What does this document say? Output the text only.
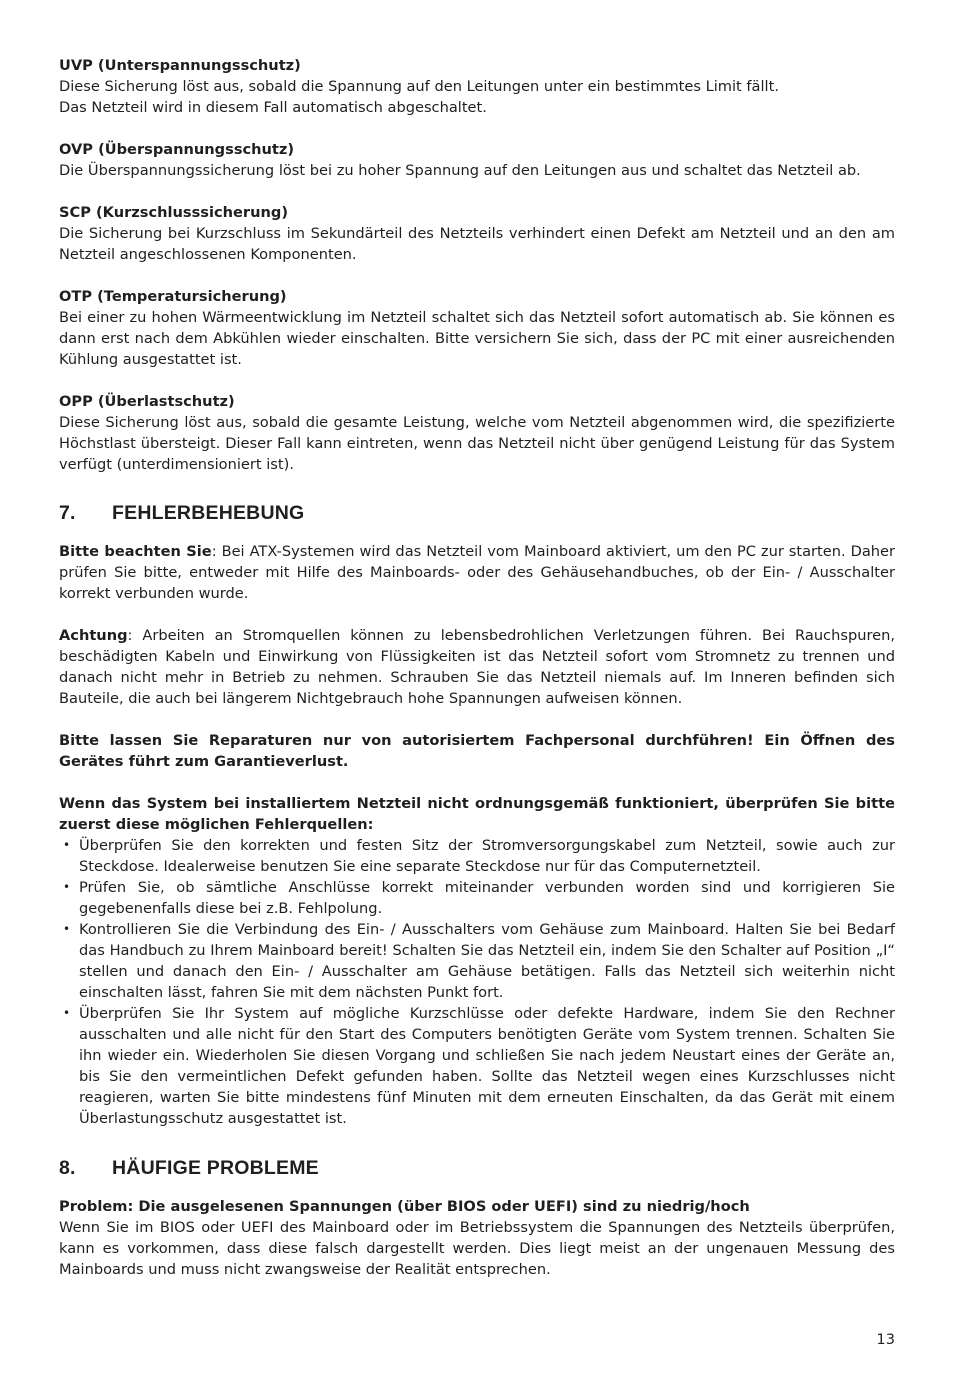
UVP (Unterspannungsschutz)

Diese Sicherung löst aus, sobald die Spannung auf den Leitungen unter ein bestimmtes Limit fällt.

Das Netzteil wird in diesem Fall automatisch abgeschaltet.

OVP (Überspannungsschutz)

Die Überspannungssicherung löst bei zu hoher Spannung auf den Leitungen aus und schaltet das Netzteil ab.

SCP (Kurzschlusssicherung)

Die Sicherung bei Kurzschluss im Sekundärteil des Netzteils verhindert einen Defekt am Netzteil und an den am Netzteil angeschlossenen Komponenten.

OTP (Temperatursicherung)

Bei einer zu hohen Wärmeentwicklung im Netzteil schaltet sich das Netzteil sofort automatisch ab. Sie können es dann erst nach dem Abkühlen wieder einschalten. Bitte versichern Sie sich, dass der PC mit einer ausreichenden Kühlung ausgestattet ist.

OPP (Überlastschutz)

Diese Sicherung löst aus, sobald die gesamte Leistung, welche vom Netzteil abgenommen wird, die spezifizierte Höchstlast übersteigt. Dieser Fall kann eintreten, wenn das Netzteil nicht über genügend Leistung für das System verfügt (unterdimensioniert ist).

7.	FEHLERBEHEBUNG

Bitte beachten Sie: Bei ATX-Systemen wird das Netzteil vom Mainboard aktiviert, um den PC zur starten. Daher prüfen Sie bitte, entweder mit Hilfe des Mainboards- oder des Gehäusehandbuches, ob der Ein- / Ausschalter korrekt verbunden wurde.

Achtung: Arbeiten an Stromquellen können zu lebensbedrohlichen Verletzungen führen. Bei Rauchspuren, beschädigten Kabeln und Einwirkung von Flüssigkeiten ist das Netzteil sofort vom Stromnetz zu trennen und danach nicht mehr in Betrieb zu nehmen. Schrauben Sie das Netzteil niemals auf. Im Inneren befinden sich Bauteile, die auch bei längerem Nichtgebrauch hohe Spannungen aufweisen können.

Bitte lassen Sie Reparaturen nur von autorisiertem Fachpersonal durchführen! Ein Öffnen des Gerätes führt zum Garantieverlust.

Wenn das System bei installiertem Netzteil nicht ordnungsgemäß funktioniert, überprüfen Sie bitte zuerst diese möglichen Fehlerquellen:

• Überprüfen Sie den korrekten und festen Sitz der Stromversorgungskabel zum Netzteil, sowie auch zur Steckdose. Idealerweise benutzen Sie eine separate Steckdose nur für das Computernetzteil.
• Prüfen Sie, ob sämtliche Anschlüsse korrekt miteinander verbunden worden sind und korrigieren Sie gegebenenfalls diese bei z.B. Fehlpolung.
• Kontrollieren Sie die Verbindung des Ein- / Ausschalters vom Gehäuse zum Mainboard. Halten Sie bei Bedarf das Handbuch zu Ihrem Mainboard bereit! Schalten Sie das Netzteil ein, indem Sie den Schalter auf Position „I“ stellen und danach den Ein- / Ausschalter am Gehäuse betätigen. Falls das Netzteil sich weiterhin nicht einschalten lässt, fahren Sie mit dem nächsten Punkt fort.
• Überprüfen Sie Ihr System auf mögliche Kurzschlüsse oder defekte Hardware, indem Sie den Rechner ausschalten und alle nicht für den Start des Computers benötigten Geräte vom System trennen. Schalten Sie ihn wieder ein. Wiederholen Sie diesen Vorgang und schließen Sie nach jedem Neustart eines der Geräte an, bis Sie den vermeintlichen Defekt gefunden haben. Sollte das Netzteil wegen eines Kurzschlusses nicht reagieren, warten Sie bitte mindestens fünf Minuten mit dem erneuten Einschalten, da das Gerät mit einem Überlastungsschutz ausgestattet ist.
8.	HÄUFIGE PROBLEME

Problem: Die ausgelesenen Spannungen (über BIOS oder UEFI) sind zu niedrig/hoch

Wenn Sie im BIOS oder UEFI des Mainboard oder im Betriebssystem die Spannungen des Netzteils überprüfen, kann es vorkommen, dass diese falsch dargestellt werden. Dies liegt meist an der ungenauen Messung des Mainboards und muss nicht zwangsweise der Realität entsprechen.

13
